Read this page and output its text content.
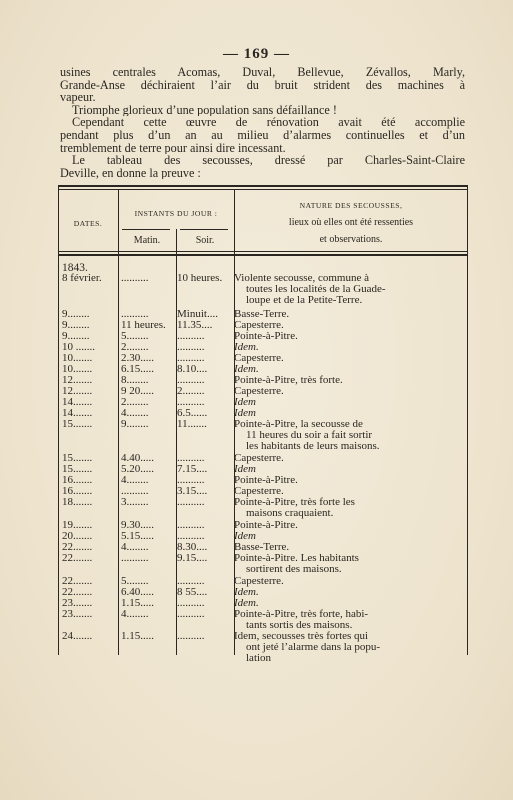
— 169 —
usines centrales Acomas, Duval, Bellevue, Zévallos, Marly,
Grande-Anse déchiraient l’air du bruit strident des machines à
vapeur.
Triomphe glorieux d’une population sans défaillance !
Cependant cette œuvre de rénovation avait été accomplie
pendant plus d’un an au milieu d’alarmes continuelles et d’un
tremblement de terre pour ainsi dire incessant.
Le tableau des secousses, dressé par Charles-Saint-Claire
Deville, en donne la preuve :
DATES.
INSTANTS DU JOUR :
Matin.	Soir.
NATURE DES SECOUSSES,
lieux où elles ont été ressenties
et observations.
1843.
8 février.	..........	10 heures.	Violente secousse, commune à
toutes les localités de la Guade-
loupe et de la Petite-Terre.
9........	..........	Minuit....	Basse-Terre.
9........	11 heures.	11.35....	Capesterre.
9........	5........	..........	Pointe-à-Pitre.
10 .......	2........	..........	Idem.
10.......	2.30.....	..........	Capesterre.
10.......	6.15.....	8.10....	Idem.
12.......	8........	..........	Pointe-à-Pitre, très forte.
12.......	9 20.....	2........	Capesterre.
14.......	2........	..........	Idem
14.......	4........	6.5......	Idem
15.......	9........	11.......	Pointe-à-Pitre, la secousse de
11 heures du soir a fait sortir
les habitants de leurs maisons.
15.......	4.40.....	..........	Capesterre.
15.......	5.20.....	7.15....	Idem
16.......	4........	..........	Pointe-à-Pitre.
16.......	..........	3.15....	Capesterre.
18.......	3........	..........	Pointe-à-Pitre, très forte les
maisons craquaient.
19.......	9.30.....	..........	Pointe-à-Pitre.
20.......	5.15.....	..........	Idem
22.......	4........	8.30....	Basse-Terre.
22.......	..........	9.15....	Pointe-à-Pitre. Les habitants
sortirent des maisons.
22.......	5........	..........	Capesterre.
22.......	6.40.....	8 55....	Idem.
23.......	1.15.....	..........	Idem.
23.......	4........	..........	Pointe-à-Pitre, très forte, habi-
tants sortis des maisons.
24.......	1.15.....	..........	Idem, secousses très fortes qui
ont jeté l’alarme dans la popu-
lation
